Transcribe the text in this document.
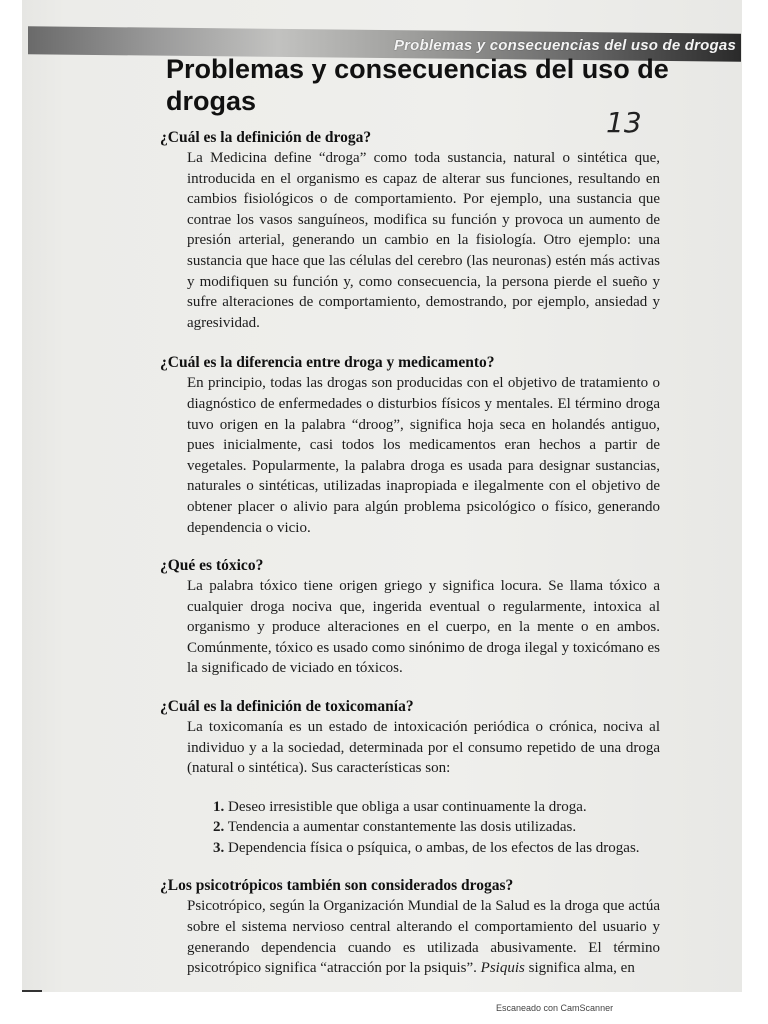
Problemas y consecuencias del uso de drogas
Problemas y consecuencias del uso de drogas
13

¿Cuál es la definición de droga?

La Medicina define “droga” como toda sustancia, natural o sintética que, introducida en el organismo es capaz de alterar sus funciones, resultando en cambios fisiológicos o de comportamiento. Por ejemplo, una sustancia que contrae los vasos sanguíneos, modifica su función y provoca un aumento de presión arterial, generando un cambio en la fisiología. Otro ejemplo: una sustancia que hace que las células del cerebro (las neuronas) estén más activas y modifiquen su función y, como consecuencia, la persona pierde el sueño y sufre alteraciones de comportamiento, demostrando, por ejemplo, ansiedad y agresividad.

¿Cuál es la diferencia entre droga y medicamento?

En principio, todas las drogas son producidas con el objetivo de tratamiento o diagnóstico de enfermedades o disturbios físicos y mentales. El término droga tuvo origen en la palabra “droog”, significa hoja seca en holandés antiguo, pues inicialmente, casi todos los medicamentos eran hechos a partir de vegetales. Popularmente, la palabra droga es usada para designar sustancias, naturales o sintéticas, utilizadas inapropiada e ilegalmente con el objetivo de obtener placer o alivio para algún problema psicológico o físico, generando dependencia o vicio.

¿Qué es tóxico?

La palabra tóxico tiene origen griego y significa locura. Se llama tóxico a cualquier droga nociva que, ingerida eventual o regularmente, intoxica al organismo y produce alteraciones en el cuerpo, en la mente o en ambos. Comúnmente, tóxico es usado como sinónimo de droga ilegal y toxicómano es la significado de viciado en tóxicos.

¿Cuál es la definición de toxicomanía?

La toxicomanía es un estado de intoxicación periódica o crónica, nociva al individuo y a la sociedad, determinada por el consumo repetido de una droga (natural o sintética). Sus características son:

1. Deseo irresistible que obliga a usar continuamente la droga.
2. Tendencia a aumentar constantemente las dosis utilizadas.
3. Dependencia física o psíquica, o ambas, de los efectos de las drogas.

¿Los psicotrópicos también son considerados drogas?

Psicotrópico, según la Organización Mundial de la Salud es la droga que actúa sobre el sistema nervioso central alterando el comportamiento del usuario y generando dependencia cuando es utilizada abusivamente. El término psicotrópico significa “atracción por la psiquis”. Psiquis significa alma, en

Escaneado con CamScanner
